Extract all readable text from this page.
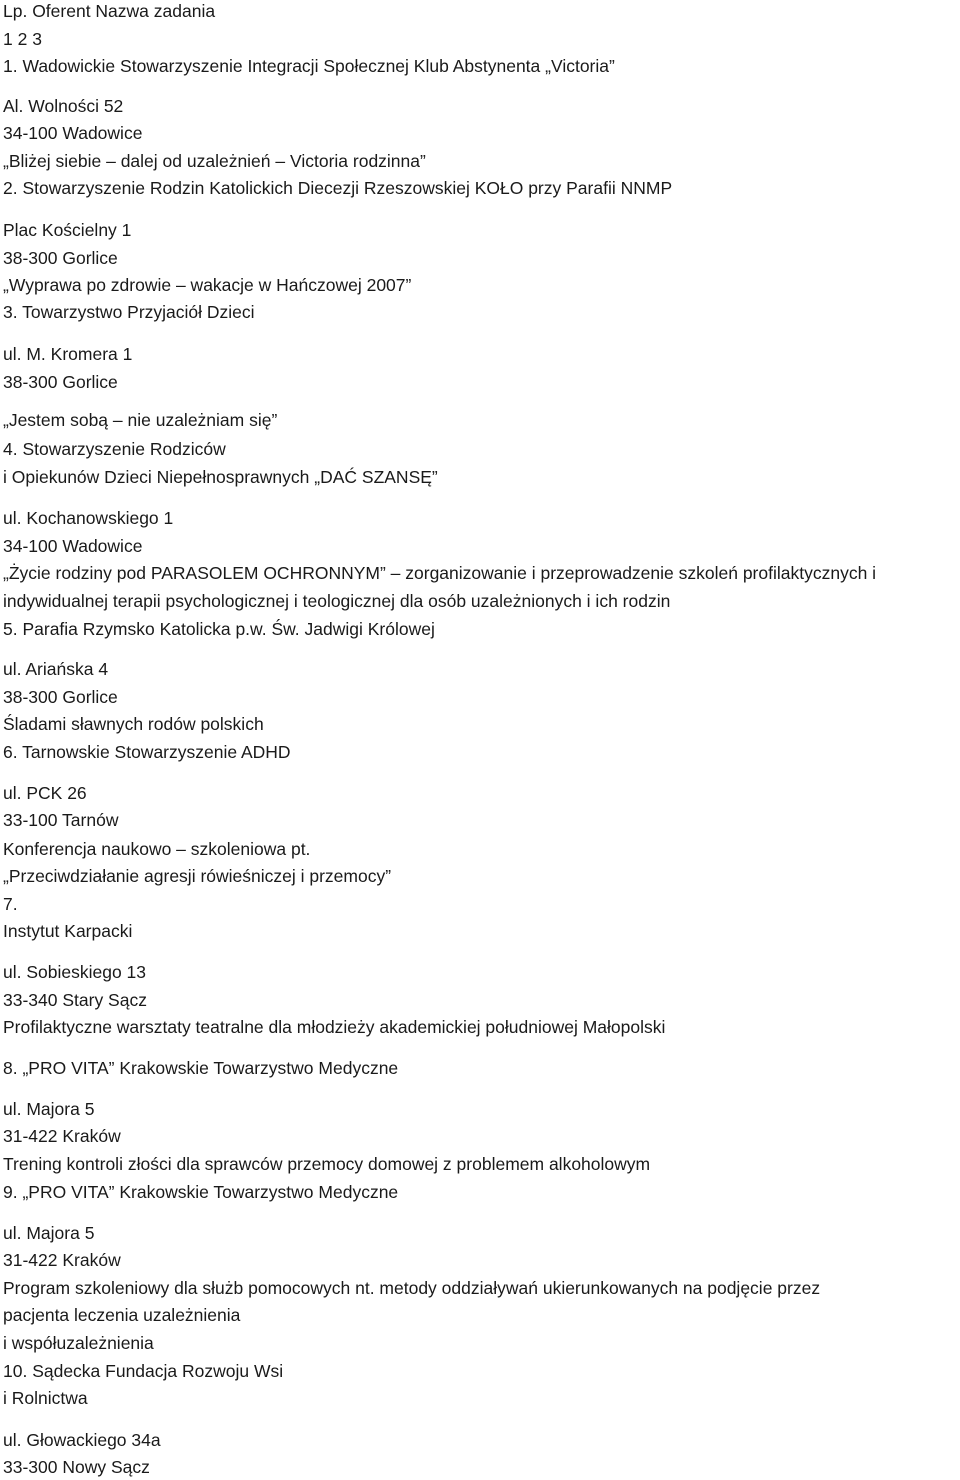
Lp. Oferent Nazwa zadania
1 2 3
1. Wadowickie Stowarzyszenie Integracji Społecznej Klub Abstynenta „Victoria”
Al. Wolności 52
34-100 Wadowice
„Bliżej siebie – dalej od uzależnień – Victoria rodzinna”
2. Stowarzyszenie Rodzin Katolickich Diecezji Rzeszowskiej KOŁO przy Parafii NNMP
Plac Kościelny 1
38-300 Gorlice
„Wyprawa po zdrowie – wakacje w Hańczowej 2007”
3. Towarzystwo Przyjaciół Dzieci
ul. M. Kromera 1
38-300 Gorlice
„Jestem sobą – nie uzależniam się”
4. Stowarzyszenie Rodziców
i Opiekunów Dzieci Niepełnosprawnych „DAĆ SZANSĘ”
ul. Kochanowskiego 1
34-100 Wadowice
„Życie rodziny pod PARASOLEM OCHRONNYM” – zorganizowanie i przeprowadzenie szkoleń profilaktycznych i
indywidualnej terapii psychologicznej i teologicznej dla osób uzależnionych i ich rodzin
5. Parafia Rzymsko Katolicka p.w. Św. Jadwigi Królowej
ul. Ariańska 4
38-300 Gorlice
Śladami sławnych rodów polskich
6. Tarnowskie Stowarzyszenie ADHD
ul. PCK 26
33-100 Tarnów
Konferencja naukowo – szkoleniowa pt.
„Przeciwdziałanie agresji rówieśniczej i przemocy”
7.
Instytut Karpacki
ul. Sobieskiego 13
33-340 Stary Sącz
Profilaktyczne warsztaty teatralne dla młodzieży akademickiej południowej Małopolski
8. „PRO VITA” Krakowskie Towarzystwo Medyczne
ul. Majora 5
31-422 Kraków
Trening kontroli złości dla sprawców przemocy domowej z problemem alkoholowym
9. „PRO VITA” Krakowskie Towarzystwo Medyczne
ul. Majora 5
31-422 Kraków
Program szkoleniowy dla służb pomocowych nt. metody oddziaływań ukierunkowanych na podjęcie przez
pacjenta leczenia uzależnienia
i współuzależnienia
10. Sądecka Fundacja Rozwoju Wsi
i Rolnictwa
ul. Głowackiego 34a
33-300 Nowy Sącz
